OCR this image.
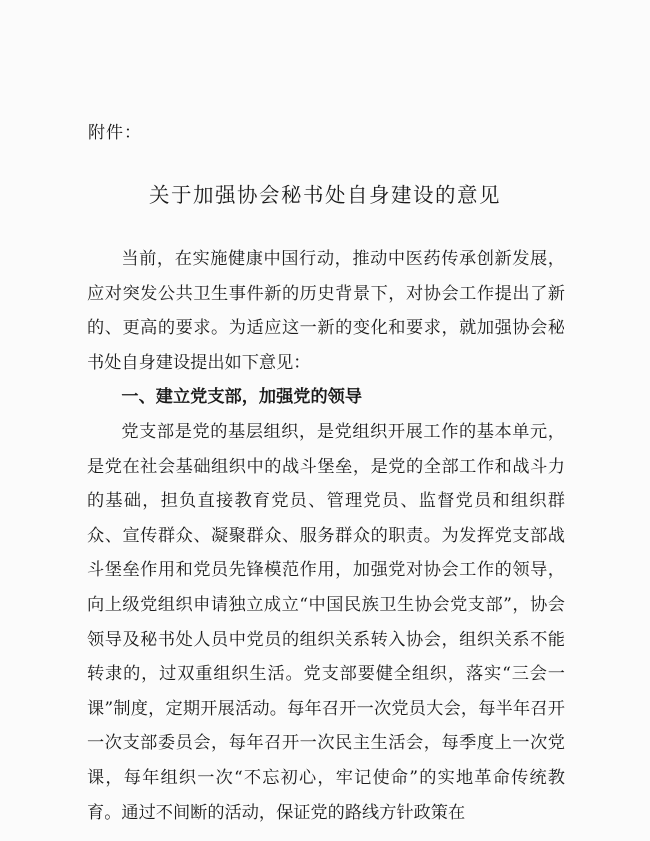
附件：
关于加强协会秘书处自身建设的意见

当前，在实施健康中国行动，推动中医药传承创新发展，应对突发公共卫生事件新的历史背景下，对协会工作提出了新的、更高的要求。为适应这一新的变化和要求，就加强协会秘书处自身建设提出如下意见：

一、建立党支部，加强党的领导

党支部是党的基层组织，是党组织开展工作的基本单元，是党在社会基础组织中的战斗堡垒，是党的全部工作和战斗力的基础，担负直接教育党员、管理党员、监督党员和组织群众、宣传群众、凝聚群众、服务群众的职责。为发挥党支部战斗堡垒作用和党员先锋模范作用，加强党对协会工作的领导，向上级党组织申请独立成立“中国民族卫生协会党支部”，协会领导及秘书处人员中党员的组织关系转入协会，组织关系不能转隶的，过双重组织生活。党支部要健全组织，落实“三会一课”制度，定期开展活动。每年召开一次党员大会，每半年召开一次支部委员会，每年召开一次民主生活会，每季度上一次党课，每年组织一次“不忘初心，牢记使命”的实地革命传统教育。通过不间断的活动，保证党的路线方针政策在
